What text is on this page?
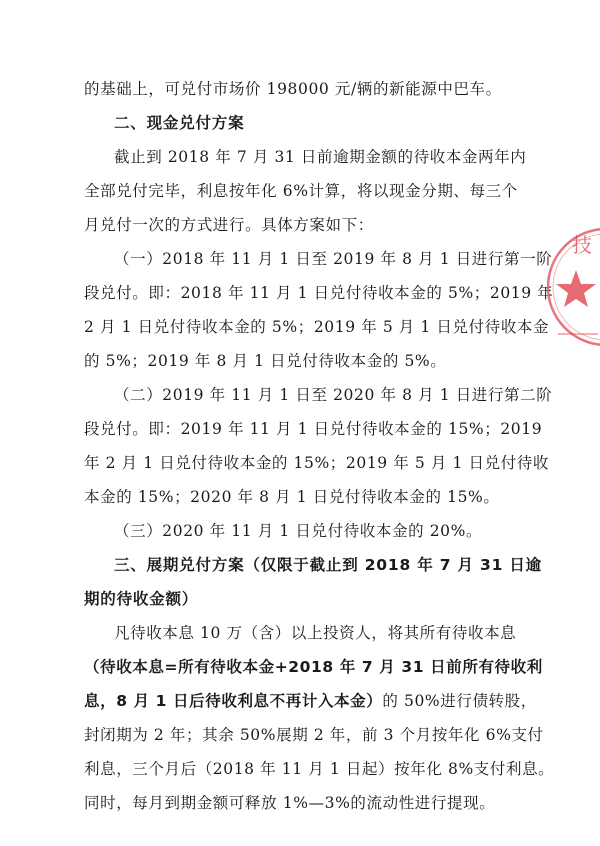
的基础上，可兑付市场价 198000 元/辆的新能源中巴车。
二、现金兑付方案
截止到 2018 年 7 月 31 日前逾期金额的待收本金两年内
全部兑付完毕，利息按年化 6%计算，将以现金分期、每三个
月兑付一次的方式进行。具体方案如下：
（一）2018 年 11 月 1 日至 2019 年 8 月 1 日进行第一阶
段兑付。即：2018 年 11 月 1 日兑付待收本金的 5%；2019 年
2 月 1 日兑付待收本金的 5%；2019 年 5 月 1 日兑付待收本金
的 5%；2019 年 8 月 1 日兑付待收本金的 5%。
（二）2019 年 11 月 1 日至 2020 年 8 月 1 日进行第二阶
段兑付。即：2019 年 11 月 1 日兑付待收本金的 15%；2019
年 2 月 1 日兑付待收本金的 15%；2019 年 5 月 1 日兑付待收
本金的 15%；2020 年 8 月 1 日兑付待收本金的 15%。
（三）2020 年 11 月 1 日兑付待收本金的 20%。
三、展期兑付方案（仅限于截止到 2018 年 7 月 31 日逾
期的待收金额）
凡待收本息 10 万（含）以上投资人，将其所有待收本息
（待收本息=所有待收本金+2018 年 7 月 31 日前所有待收利
息，8 月 1 日后待收利息不再计入本金）的 50%进行债转股，
封闭期为 2 年；其余 50%展期 2 年，前 3 个月按年化 6%支付
利息，三个月后（2018 年 11 月 1 日起）按年化 8%支付利息。
同时，每月到期金额可释放 1%—3%的流动性进行提现。
技
